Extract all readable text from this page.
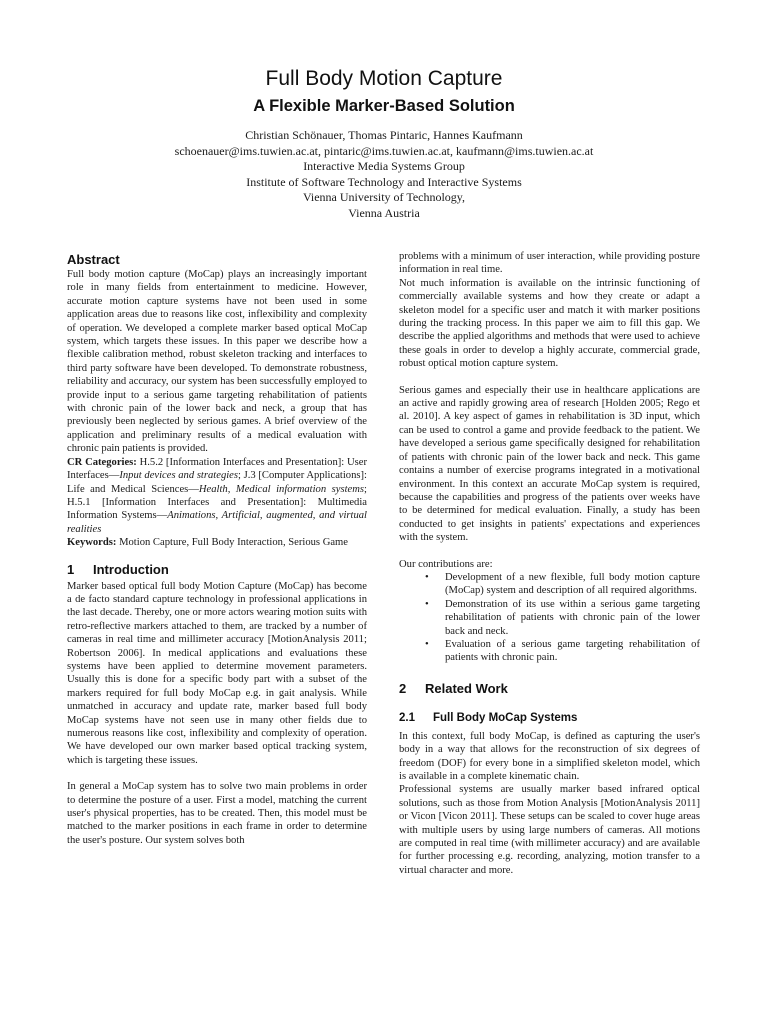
Full Body Motion Capture
A Flexible Marker-Based Solution

Christian Schönauer, Thomas Pintaric, Hannes Kaufmann

schoenauer@ims.tuwien.ac.at, pintaric@ims.tuwien.ac.at, kaufmann@ims.tuwien.ac.at

Interactive Media Systems Group

Institute of Software Technology and Interactive Systems

Vienna University of Technology,

Vienna Austria

Abstract

Full body motion capture (MoCap) plays an increasingly important role in many fields from entertainment to medicine. However, accurate motion capture systems have not been used in some application areas due to reasons like cost, inflexibility and complexity of operation. We developed a complete marker based optical MoCap system, which targets these issues. In this paper we describe how a flexible calibration method, robust skeleton tracking and interfaces to third party software have been developed. To demonstrate robustness, reliability and accuracy, our system has been successfully employed to provide input to a serious game targeting rehabilitation of patients with chronic pain of the lower back and neck, a group that has previously been neglected by serious games. A brief overview of the application and preliminary results of a medical evaluation with chronic pain patients is provided.

CR Categories: H.5.2 [Information Interfaces and Presentation]: User Interfaces—Input devices and strategies; J.3 [Computer Applications]: Life and Medical Sciences—Health, Medical information systems; H.5.1 [Information Interfaces and Presentation]: Multimedia Information Systems—Animations, Artificial, augmented, and virtual realities

Keywords: Motion Capture, Full Body Interaction, Serious Game

1 Introduction

Marker based optical full body Motion Capture (MoCap) has become a de facto standard capture technology in professional applications in the last decade. Thereby, one or more actors wearing motion suits with retro-reflective markers attached to them, are tracked by a number of cameras in real time and millimeter accuracy [MotionAnalysis 2011; Robertson 2006]. In medical applications and evaluations these systems have been applied to determine movement parameters. Usually this is done for a specific body part with a subset of the markers required for full body MoCap e.g. in gait analysis. While unmatched in accuracy and update rate, marker based full body MoCap systems have not seen use in many other fields due to numerous reasons like cost, inflexibility and complexity of operation. We have developed our own marker based optical tracking system, which is targeting these issues.

In general a MoCap system has to solve two main problems in order to determine the posture of a user. First a model, matching the current user's physical properties, has to be created. Then, this model must be matched to the marker positions in each frame in order to determine the user's posture. Our system solves both

problems with a minimum of user interaction, while providing posture information in real time.

Not much information is available on the intrinsic functioning of commercially available systems and how they create or adapt a skeleton model for a specific user and match it with marker positions during the tracking process. In this paper we aim to fill this gap. We describe the applied algorithms and methods that were used to achieve these goals in order to develop a highly accurate, commercial grade, robust optical motion capture system.

Serious games and especially their use in healthcare applications are an active and rapidly growing area of research [Holden 2005; Rego et al. 2010]. A key aspect of games in rehabilitation is 3D input, which can be used to control a game and provide feedback to the patient. We have developed a serious game specifically designed for rehabilitation of patients with chronic pain of the lower back and neck. This game contains a number of exercise programs integrated in a motivational environment. In this context an accurate MoCap system is required, because the capabilities and progress of the patients over weeks have to be determined for medical evaluation. Finally, a study has been conducted to get insights in patients' expectations and experiences with the system.

Our contributions are:

• Development of a new flexible, full body motion capture (MoCap) system and description of all required algorithms.
• Demonstration of its use within a serious game targeting rehabilitation of patients with chronic pain of the lower back and neck.
• Evaluation of a serious game targeting rehabilitation of patients with chronic pain.
2 Related Work
2.1 Full Body MoCap Systems

In this context, full body MoCap, is defined as capturing the user's body in a way that allows for the reconstruction of six degrees of freedom (DOF) for every bone in a simplified skeleton model, which is available in a complete kinematic chain.

Professional systems are usually marker based infrared optical solutions, such as those from Motion Analysis [MotionAnalysis 2011] or Vicon [Vicon 2011]. These setups can be scaled to cover huge areas with multiple users by using large numbers of cameras. All motions are computed in real time (with millimeter accuracy) and are available for further processing e.g. recording, analyzing, motion transfer to a virtual character and more.
